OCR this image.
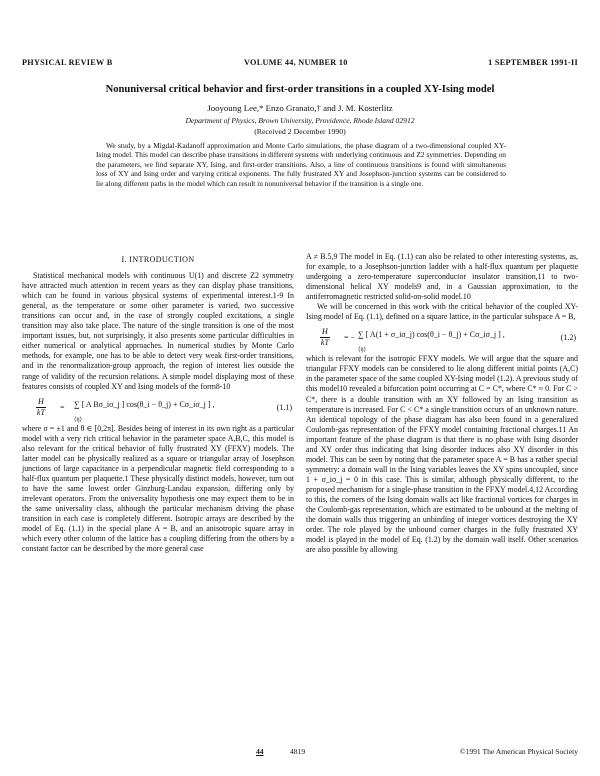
PHYSICAL REVIEW B	VOLUME 44, NUMBER 10	1 SEPTEMBER 1991-II
Nonuniversal critical behavior and first-order transitions in a coupled XY-Ising model
Jooyoung Lee,* Enzo Granato,† and J. M. Kosterlitz
Department of Physics, Brown University, Providence, Rhode Island 02912
(Received 2 December 1990)

We study, by a Migdal-Kadanoff approximation and Monte Carlo simulations, the phase diagram of a two-dimensional coupled XY-Ising model. This model can describe phase transitions in different systems with underlying continuous and Z2 symmetries. Depending on the parameters, we find separate XY, Ising, and first-order transitions. Also, a line of continuous transitions is found with simultaneous loss of XY and Ising order and varying critical exponents. The fully frustrated XY and Josephson-junction systems can be considered to lie along different paths in the model which can result in nonuniversal behavior if the transition is a single one.

I. INTRODUCTION

Statistical mechanical models with continuous U(1) and discrete Z2 symmetry have attracted much attention in recent years as they can display phase transitions, which can be found in various physical systems of experimental interest.1-9 In general, as the temperature or some other parameter is varied, two successive transitions can occur and, in the case of strongly coupled excitations, a single transition may also take place. The nature of the single transition is one of the most important issues, but, not surprisingly, it also presents some particular difficulties in either numerical or analytical approaches. In numerical studies by Monte Carlo methods, for example, one has to be able to detect very weak first-order transitions, and in the renormalization-group approach, the region of interest lies outside the range of validity of the recursion relations. A simple model displaying most of these features consists of coupled XY and Ising models of the form8-10

$\frac{H}{kT}$ = ∑ [ A Bσ_iσ_j ] cos(θ_i − θ_j) + Cσ_iσ_j ] ,
⟨ij⟩
(1.1)

where σ = ±1 and θ ∈ [0,2π]. Besides being of interest in its own right as a particular model with a very rich critical behavior in the parameter space A,B,C, this model is also relevant for the critical behavior of fully frustrated XY (FFXY) models. The latter model can be physically realized as a square or triangular array of Josephson junctions of large capacitance in a perpendicular magnetic field corresponding to a half-flux quantum per plaquette.1 These physically distinct models, however, turn out to have the same lowest order Ginzburg-Landau expansion, differing only by irrelevant operators. From the universality hypothesis one may expect them to be in the same universality class, although the particular mechanism driving the phase transition in each case is completely different. Isotropic arrays are described by the model of Eq. (1.1) in the special plane A = B, and an anisotropic square array in which every other column of the lattice has a coupling differing from the others by a constant factor can be described by the more general case

A ≠ B.5,9 The model in Eq. (1.1) can also be related to other interesting systems, as, for example, to a Josephson-junction ladder with a half-flux quantum per plaquette undergoing a zero-temperature superconductor insulator transition,11 to two-dimensional helical XY models9 and, in a Gaussian approximation, to the antiferromagnetic restricted solid-on-solid model.10

We will be concerned in this work with the critical behavior of the coupled XY-Ising model of Eq. (1.1), defined on a square lattice, in the particular subspace A = B,

$\frac{H}{kT}$ = − ∑ [ A(1 + σ_iσ_j) cos(θ_i − θ_j) + Cσ_iσ_j ] ,
⟨ij⟩
(1.2)

which is relevant for the isotropic FFXY models. We will argue that the square and triangular FFXY models can be considered to lie along different initial points (A,C) in the parameter space of the same coupled XY-Ising model (1.2). A previous study of this model10 revealed a bifurcation point occurring at C = C*, where C* ≈ 0. For C > C*, there is a double transition with an XY followed by an Ising transition as temperature is increased. For C < C* a single transition occurs of an unknown nature. An identical topology of the phase diagram has also been found in a generalized Coulomb-gas representation of the FFXY model containing fractional charges.11 An important feature of the phase diagram is that there is no phase with Ising disorder and XY order thus indicating that Ising disorder induces also XY disorder in this model. This can be seen by noting that the parameter space A = B has a rather special symmetry: a domain wall in the Ising variables leaves the XY spins uncoupled, since 1 + σ_iσ_j = 0 in this case. This is similar, although physically different, to the proposed mechanism for a single-phase transition in the FFXY model.4,12 According to this, the corners of the Ising domain walls act like fractional vortices for charges in the Coulomb-gas representation, which are estimated to be unbound at the melting of the domain walls thus triggering an unbinding of integer vortices destroying the XY order. The role played by the unbound corner charges in the fully frustrated XY model is played in the model of Eq. (1.2) by the domain wall itself. Other scenarios are also possible by allowing

44	4819	©1991 The American Physical Society
